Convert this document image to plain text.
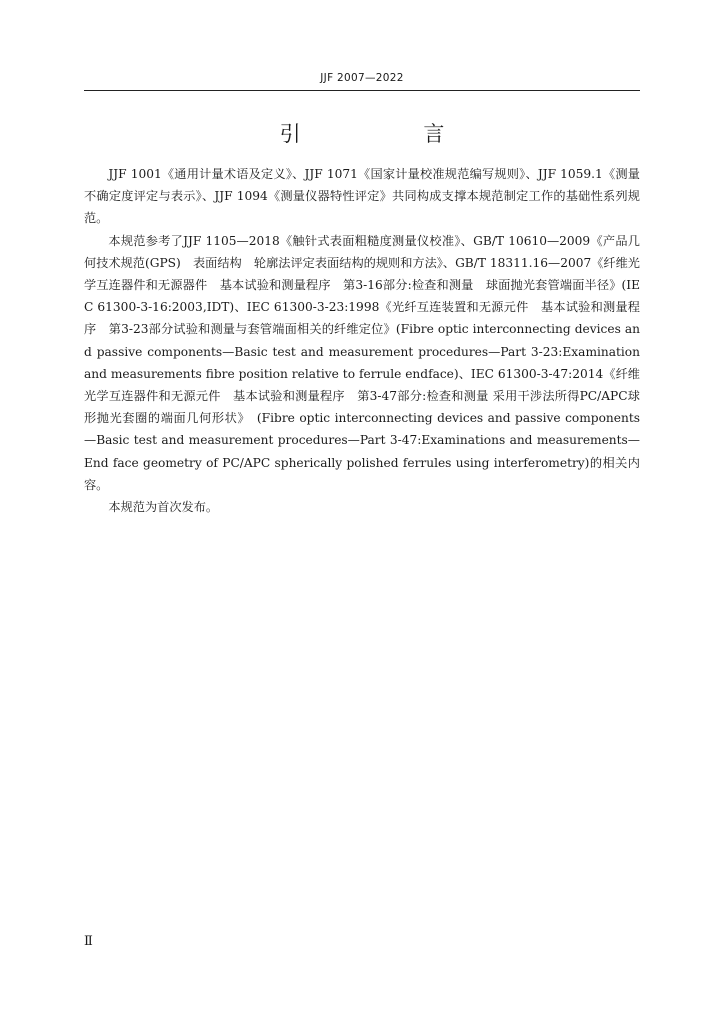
JJF 2007—2022
引 言

JJF 1001《通用计量术语及定义》、JJF 1071《国家计量校准规范编写规则》、JJF 1059.1《测量不确定度评定与表示》、JJF 1094《测量仪器特性评定》共同构成支撑本规范制定工作的基础性系列规范。

本规范参考了JJF 1105—2018《触针式表面粗糙度测量仪校准》、GB/T 10610—2009《产品几何技术规范(GPS)　表面结构　轮廓法评定表面结构的规则和方法》、GB/T 18311.16—2007《纤维光学互连器件和无源器件　基本试验和测量程序　第3-16部分:检查和测量　球面抛光套管端面半径》(IEC 61300-3-16:2003,IDT)、IEC 61300-3-23:1998《光纤互连装置和无源元件　基本试验和测量程序　第3-23部分试验和测量与套管端面相关的纤维定位》(Fibre optic interconnecting devices and passive components—Basic test and measurement procedures—Part 3-23:Examination and measurements fibre position relative to ferrule endface)、IEC 61300-3-47:2014《纤维光学互连器件和无源元件　基本试验和测量程序　第3-47部分:检查和测量 采用干涉法所得PC/APC球形抛光套圈的端面几何形状》　(Fibre optic interconnecting devices and passive components—Basic test and measurement procedures—Part 3-47:Examinations and measurements—End face geometry of PC/APC spherically polished ferrules using interferometry)的相关内容。

本规范为首次发布。

Ⅱ
